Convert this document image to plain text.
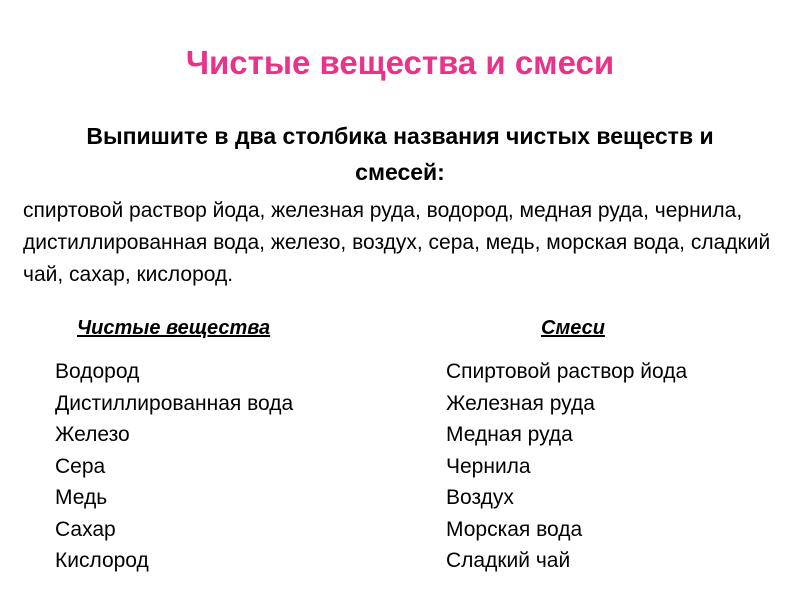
Чистые вещества и смеси
Выпишите в два столбика названия чистых веществ и смесей:
спиртовой раствор йода, железная руда, водород, медная руда, чернила, дистиллированная вода, железо, воздух, сера, медь, морская вода, сладкий чай, сахар, кислород.
Чистые вещества	Смеси
Водород
Дистиллированная вода
Железо
Сера
Медь
Сахар
Кислород
Спиртовой раствор йода
Железная руда
Медная руда
Чернила
Воздух
Морская вода
Сладкий чай
